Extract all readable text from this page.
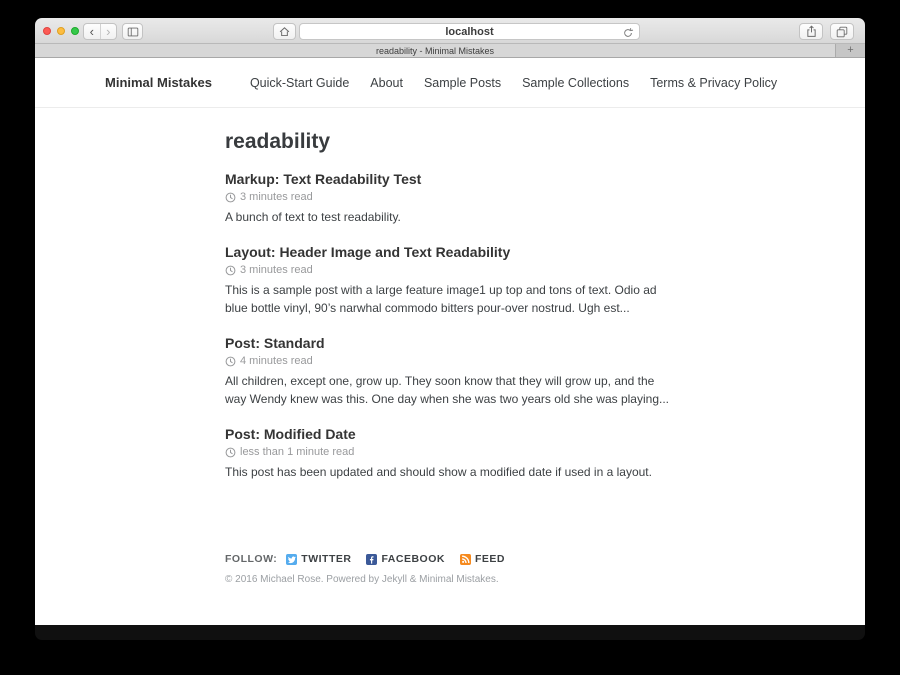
‹ ›	localhost
readability - Minimal Mistakes	+
Minimal Mistakes	Quick-Start Guide About Sample Posts Sample Collections Terms & Privacy Policy
readability
Markup: Text Readability Test
3 minutes read

A bunch of text to test readability.

Layout: Header Image and Text Readability
3 minutes read

This is a sample post with a large feature image1 up top and tons of text. Odio ad blue bottle vinyl, 90’s narwhal commodo bitters pour-over nostrud. Ugh est...

Post: Standard
4 minutes read

All children, except one, grow up. They soon know that they will grow up, and the way Wendy knew was this. One day when she was two years old she was playing...

Post: Modified Date
less than 1 minute read

This post has been updated and should show a modified date if used in a layout.

FOLLOW: TWITTER	FACEBOOK	FEED

© 2016 Michael Rose. Powered by Jekyll & Minimal Mistakes.
